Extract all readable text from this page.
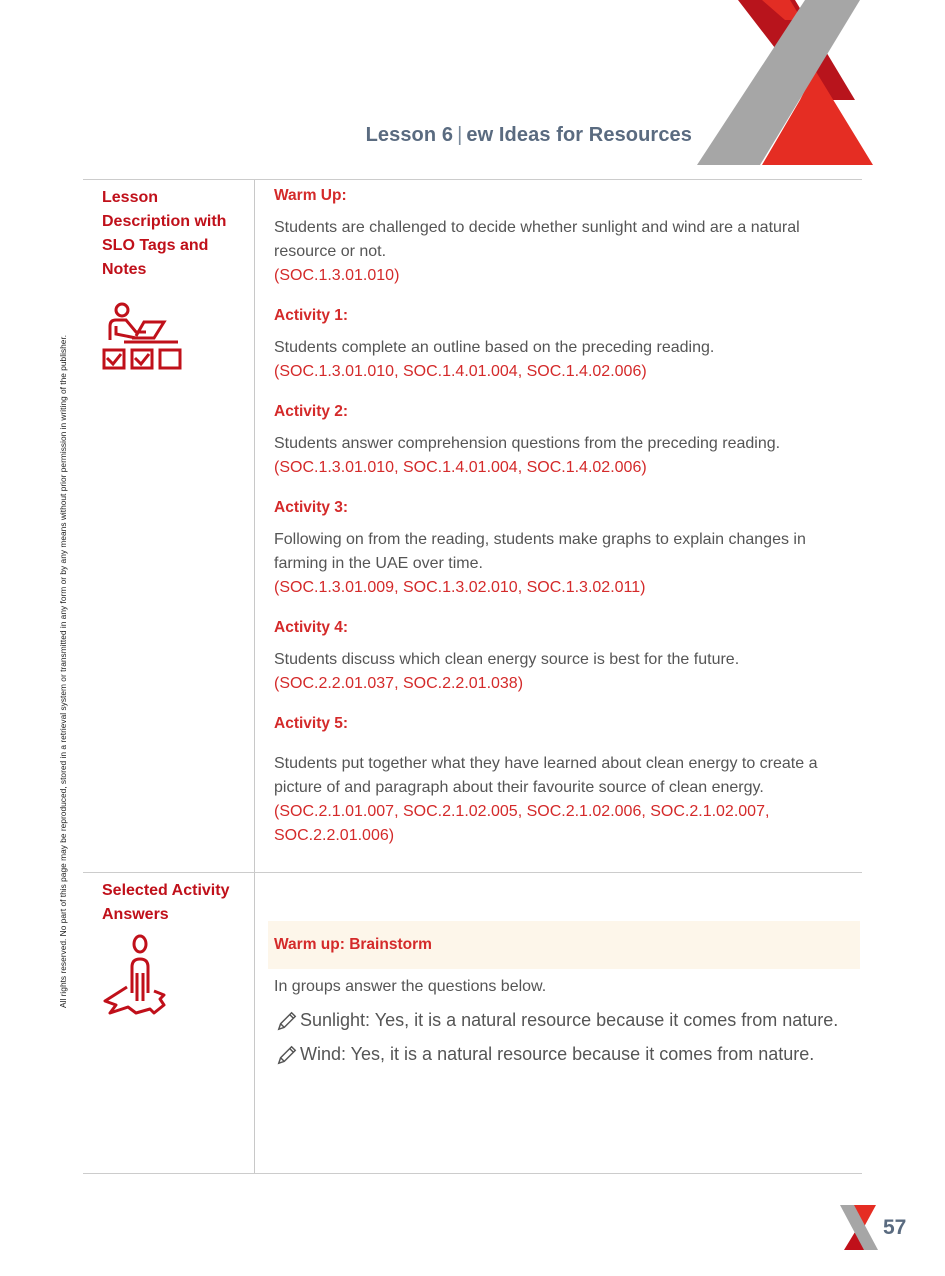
Lesson 6 | ew Ideas for Resources
All rights reserved. No part of this page may be reproduced, stored in a retrieval system or transmitted in any form or by any means without prior permission in writing of the publisher.
Lesson Description with SLO Tags and Notes
Warm Up:
Students are challenged to decide whether sunlight and wind are a natural resource or not.
(SOC.1.3.01.010)
Activity 1:
Students complete an outline based on the preceding reading.
(SOC.1.3.01.010, SOC.1.4.01.004, SOC.1.4.02.006)
Activity 2:
Students answer comprehension questions from the preceding reading.
(SOC.1.3.01.010, SOC.1.4.01.004, SOC.1.4.02.006)
Activity 3:
Following on from the reading, students make graphs to explain changes in farming in the UAE over time.
(SOC.1.3.01.009, SOC.1.3.02.010, SOC.1.3.02.011)
Activity 4:
Students discuss which clean energy source is best for the future.
(SOC.2.2.01.037, SOC.2.2.01.038)
Activity 5:
Students put together what they have learned about clean energy to create a picture of and paragraph about their favourite source of clean energy.
(SOC.2.1.01.007, SOC.2.1.02.005, SOC.2.1.02.006, SOC.2.1.02.007, SOC.2.2.01.006)
Selected Activity Answers
Warm up: Brainstorm
In groups answer the questions below.
Sunlight: Yes, it is a natural resource because it comes from nature.
Wind: Yes, it is a natural resource because it comes from nature.
57
